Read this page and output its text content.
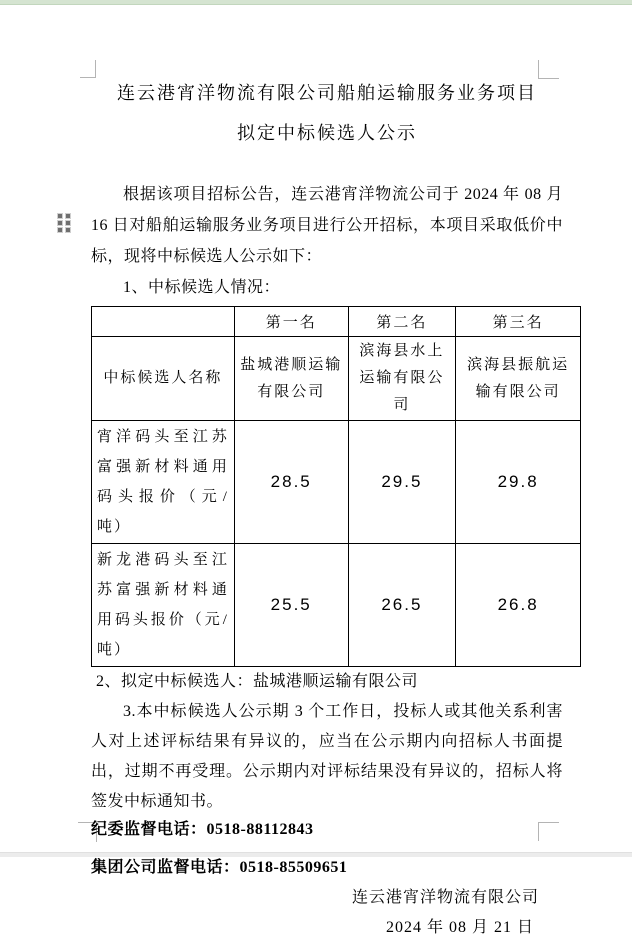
连云港宵洋物流有限公司船舶运输服务业务项目
拟定中标候选人公示

根据该项目招标公告，连云港宵洋物流公司于 2024 年 08 月 16 日对船舶运输服务业务项目进行公开招标，本项目采取低价中标，现将中标候选人公示如下：

1、中标候选人情况：

	第一名	第二名	第三名
中标候选人名称	盐城港顺运输有限公司	滨海县水上运输有限公司	滨海县振航运输有限公司
宵洋码头至江苏富强新材料通用码头报价（元/吨）	28.5	29.5	29.8
新龙港码头至江苏富强新材料通用码头报价（元/吨）	25.5	26.5	26.8

2、拟定中标候选人：盐城港顺运输有限公司

3.本中标候选人公示期 3 个工作日，投标人或其他关系利害人对上述评标结果有异议的，应当在公示期内向招标人书面提出，过期不再受理。公示期内对评标结果没有异议的，招标人将签发中标通知书。

纪委监督电话：0518-88112843

集团公司监督电话：0518-85509651

连云港宵洋物流有限公司

2024 年 08 月 21 日
